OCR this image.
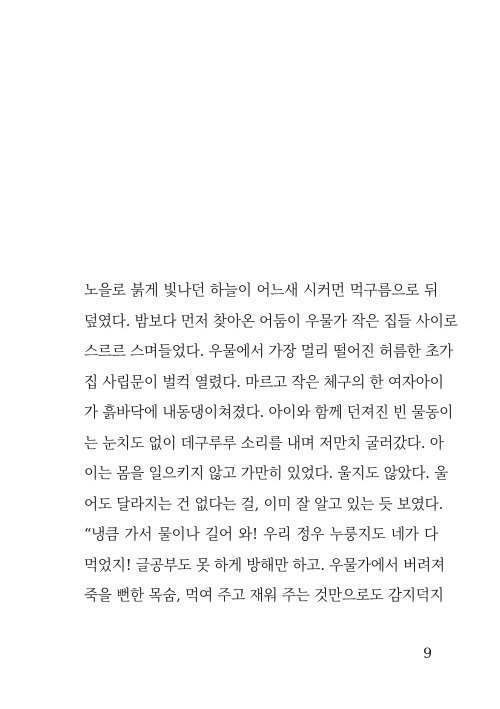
노을로 붉게 빛나던 하늘이 어느새 시커먼 먹구름으로 뒤
덮였다. 밤보다 먼저 찾아온 어둠이 우물가 작은 집들 사이로
스르르 스며들었다. 우물에서 가장 멀리 떨어진 허름한 초가
집 사립문이 벌컥 열렸다. 마르고 작은 체구의 한 여자아이
가 흙바닥에 내동댕이쳐졌다. 아이와 함께 던져진 빈 물동이
는 눈치도 없이 데구루루 소리를 내며 저만치 굴러갔다. 아
이는 몸을 일으키지 않고 가만히 있었다. 울지도 않았다. 울
어도 달라지는 건 없다는 걸, 이미 잘 알고 있는 듯 보였다.
“냉큼 가서 물이나 길어 와! 우리 정우 누룽지도 네가 다
먹었지! 글공부도 못 하게 방해만 하고. 우물가에서 버려져
죽을 뻔한 목숨, 먹여 주고 재워 주는 것만으로도 감지덕지
9
